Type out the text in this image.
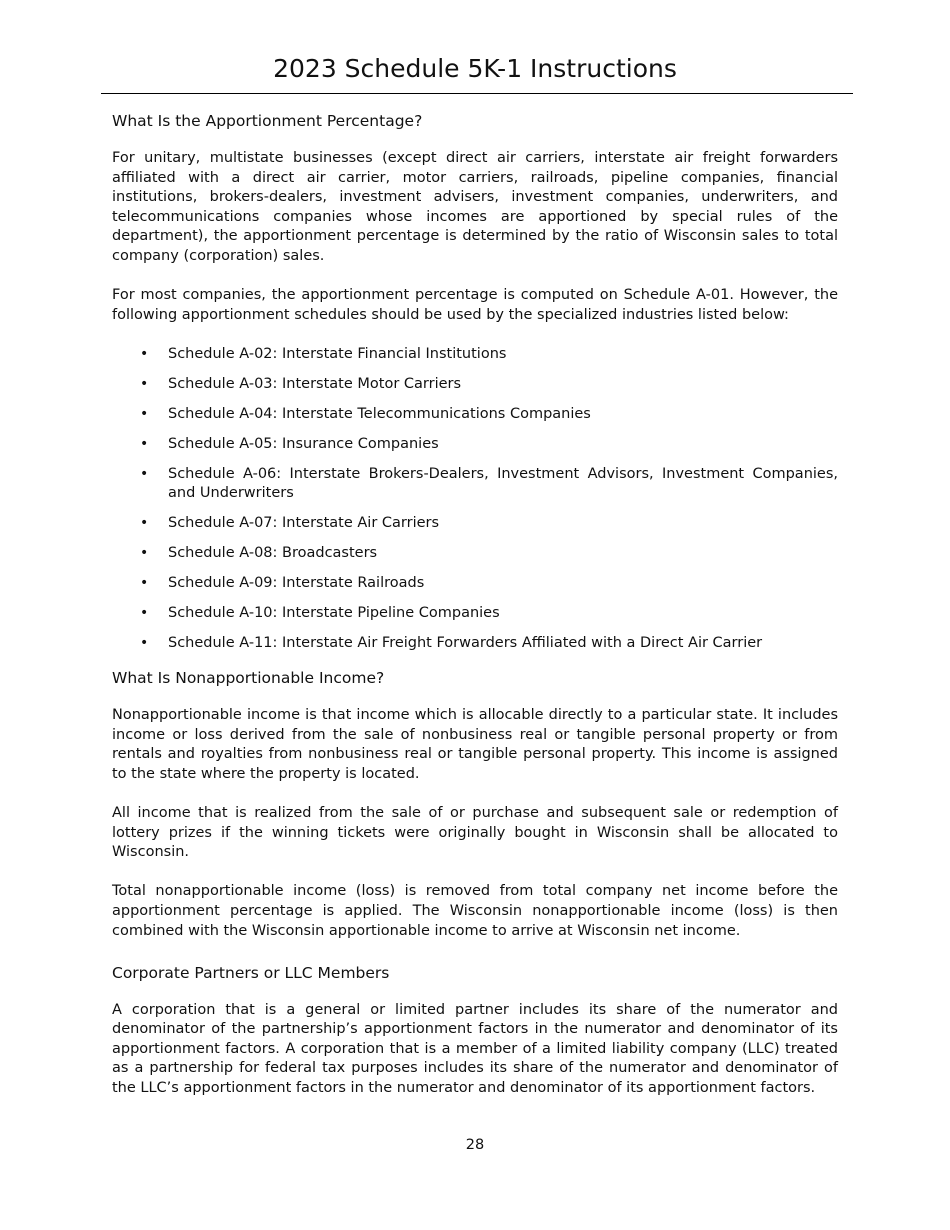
2023 Schedule 5K-1 Instructions
What Is the Apportionment Percentage?

For unitary, multistate businesses (except direct air carriers, interstate air freight forwarders affiliated with a direct air carrier, motor carriers, railroads, pipeline companies, financial institutions, brokers-dealers, investment advisers, investment companies, underwriters, and telecommunications companies whose incomes are apportioned by special rules of the department), the apportionment percentage is determined by the ratio of Wisconsin sales to total company (corporation) sales.

For most companies, the apportionment percentage is computed on Schedule A-01. However, the following apportionment schedules should be used by the specialized industries listed below:

• Schedule A-02: Interstate Financial Institutions
• Schedule A-03: Interstate Motor Carriers
• Schedule A-04: Interstate Telecommunications Companies
• Schedule A-05: Insurance Companies
• Schedule A-06: Interstate Brokers-Dealers, Investment Advisors, Investment Companies, and Underwriters
• Schedule A-07: Interstate Air Carriers
• Schedule A-08: Broadcasters
• Schedule A-09: Interstate Railroads
• Schedule A-10: Interstate Pipeline Companies
• Schedule A-11: Interstate Air Freight Forwarders Affiliated with a Direct Air Carrier
What Is Nonapportionable Income?

Nonapportionable income is that income which is allocable directly to a particular state. It includes income or loss derived from the sale of nonbusiness real or tangible personal property or from rentals and royalties from nonbusiness real or tangible personal property. This income is assigned to the state where the property is located.

All income that is realized from the sale of or purchase and subsequent sale or redemption of lottery prizes if the winning tickets were originally bought in Wisconsin shall be allocated to Wisconsin.

Total nonapportionable income (loss) is removed from total company net income before the apportionment percentage is applied. The Wisconsin nonapportionable income (loss) is then combined with the Wisconsin apportionable income to arrive at Wisconsin net income.

Corporate Partners or LLC Members

A corporation that is a general or limited partner includes its share of the numerator and denominator of the partnership’s apportionment factors in the numerator and denominator of its apportionment factors. A corporation that is a member of a limited liability company (LLC) treated as a partnership for federal tax purposes includes its share of the numerator and denominator of the LLC’s apportionment factors in the numerator and denominator of its apportionment factors.

28
